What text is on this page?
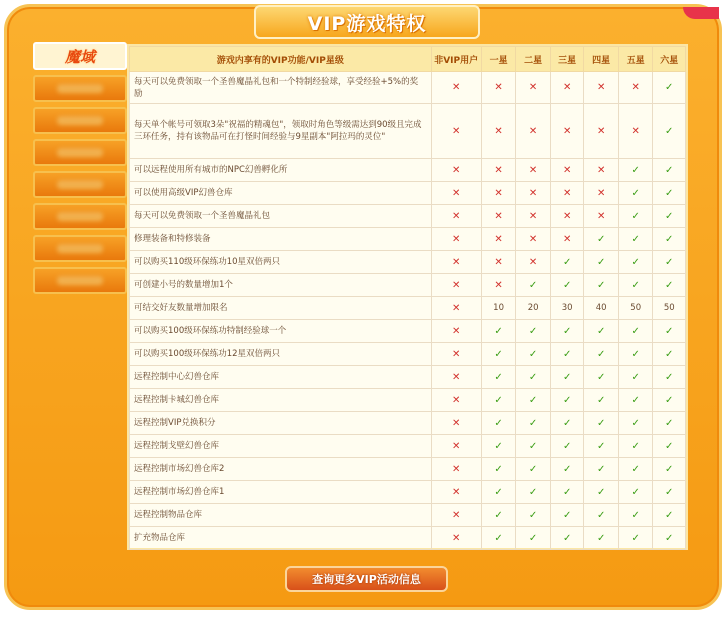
VIP游戏特权
魔域	游戏内享有的VIP功能/VIP星级	非VIP用户	一星	二星	三星	四星	五星	六星
每天可以免费领取一个圣兽魔晶礼包和一个特制经验球，享受经验+5%的奖励	✕	✕	✕	✕	✕	✕	✓
每天单个帐号可领取3朵"祝福的精魂包"，领取时角色等级需达到90级且完成三环任务，持有该物品可在打怪时间经验与9星副本"阿拉玛的灵位"	✕	✕	✕	✕	✕	✕	✓
可以远程使用所有城市的NPC幻兽孵化所	✕	✕	✕	✕	✕	✓	✓
可以使用高级VIP幻兽仓库	✕	✕	✕	✕	✕	✓	✓
每天可以免费领取一个圣兽魔晶礼包	✕	✕	✕	✕	✕	✓	✓
修理装备和特修装备	✕	✕	✕	✕	✓	✓	✓
可以购买110级环保练功10星双倍两只	✕	✕	✕	✓	✓	✓	✓
可创建小号的数量增加1个	✕	✕	✓	✓	✓	✓	✓
可结交好友数量增加限名	✕	10	20	30	40	50	50
可以购买100级环保练功特制经验球一个	✕	✓	✓	✓	✓	✓	✓
可以购买100级环保练功12星双倍两只	✕	✓	✓	✓	✓	✓	✓
远程控制中心幻兽仓库	✕	✓	✓	✓	✓	✓	✓
远程控制卡城幻兽仓库	✕	✓	✓	✓	✓	✓	✓
远程控制VIP兑换积分	✕	✓	✓	✓	✓	✓	✓
远程控制戈壁幻兽仓库	✕	✓	✓	✓	✓	✓	✓
远程控制市场幻兽仓库2	✕	✓	✓	✓	✓	✓	✓
远程控制市场幻兽仓库1	✕	✓	✓	✓	✓	✓	✓
远程控制物品仓库	✕	✓	✓	✓	✓	✓	✓
扩充物品仓库	✕	✓	✓	✓	✓	✓	✓
查询更多VIP活动信息
